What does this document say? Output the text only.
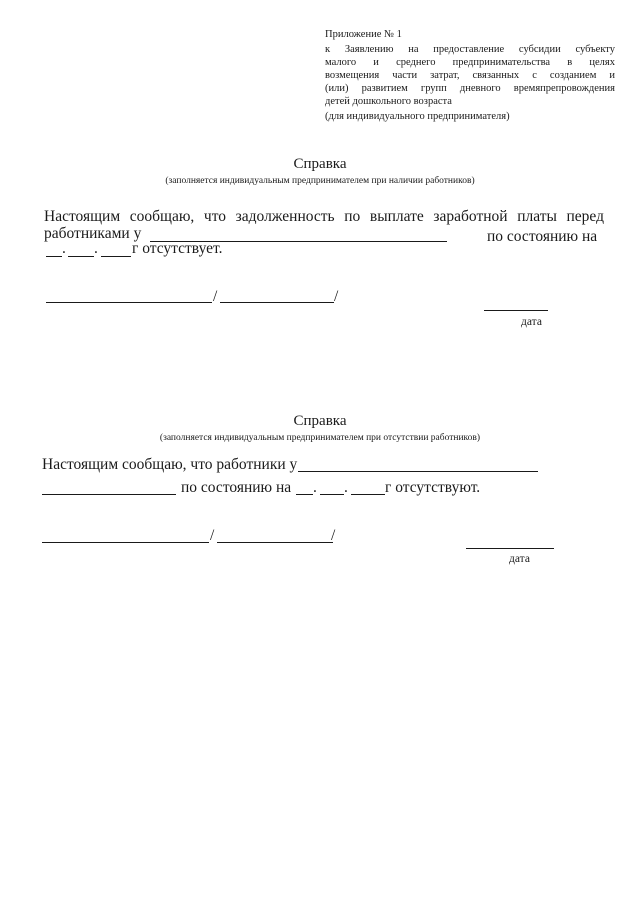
Приложение № 1
к Заявлению на предоставление субсидии субъекту
малого и среднего предпринимательства в целях
возмещения части затрат, связанных с созданием и
(или) развитием групп дневного времяпрепровождения
детей дошкольного возраста
(для индивидуального предпринимателя)
Справка
(заполняется индивидуальным предпринимателем при наличии работников)
Настоящим сообщаю, что задолженность по выплате заработной платы перед
работниками у	по состоянию на
. . г отсутствует.
/	/
дата
Справка
(заполняется индивидуальным предпринимателем при отсутствии работников)
Настоящим сообщаю, что работники у
по состоянию на . . г отсутствуют.
/	/
дата
